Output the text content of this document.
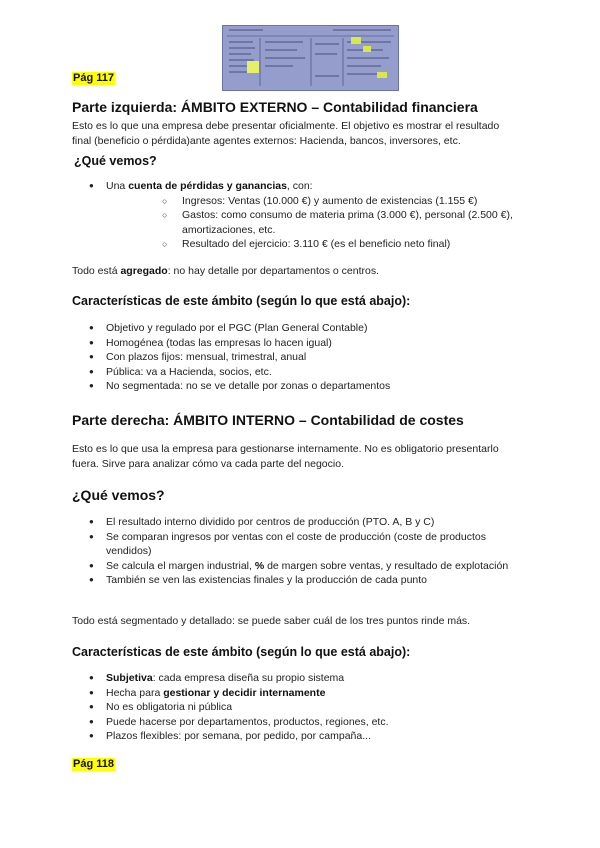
Pág 117
Parte izquierda: ÁMBITO EXTERNO – Contabilidad financiera
Esto es lo que una empresa debe presentar oficialmente. El objetivo es mostrar el resultado
final (beneficio o pérdida)ante agentes externos: Hacienda, bancos, inversores, etc.
¿Qué vemos?
● Una cuenta de pérdidas y ganancias, con:
○ Ingresos: Ventas (10.000 €) y aumento de existencias (1.155 €)
○ Gastos: como consumo de materia prima (3.000 €), personal (2.500 €), amortizaciones, etc.
○ Resultado del ejercicio: 3.110 € (es el beneficio neto final)
Todo está agregado: no hay detalle por departamentos o centros.
Características de este ámbito (según lo que está abajo):
● Objetivo y regulado por el PGC (Plan General Contable)
● Homogénea (todas las empresas lo hacen igual)
● Con plazos fijos: mensual, trimestral, anual
● Pública: va a Hacienda, socios, etc.
● No segmentada: no se ve detalle por zonas o departamentos
Parte derecha: ÁMBITO INTERNO – Contabilidad de costes
Esto es lo que usa la empresa para gestionarse internamente. No es obligatorio presentarlo
fuera. Sirve para analizar cómo va cada parte del negocio.
¿Qué vemos?
● El resultado interno dividido por centros de producción (PTO. A, B y C)
● Se comparan ingresos por ventas con el coste de producción (coste de productos vendidos)
● Se calcula el margen industrial, % de margen sobre ventas, y resultado de explotación
● También se ven las existencias finales y la producción de cada punto
Todo está segmentado y detallado: se puede saber cuál de los tres puntos rinde más.
Características de este ámbito (según lo que está abajo):
● Subjetiva: cada empresa diseña su propio sistema
● Hecha para gestionar y decidir internamente
● No es obligatoria ni pública
● Puede hacerse por departamentos, productos, regiones, etc.
● Plazos flexibles: por semana, por pedido, por campaña...
Pág 118
